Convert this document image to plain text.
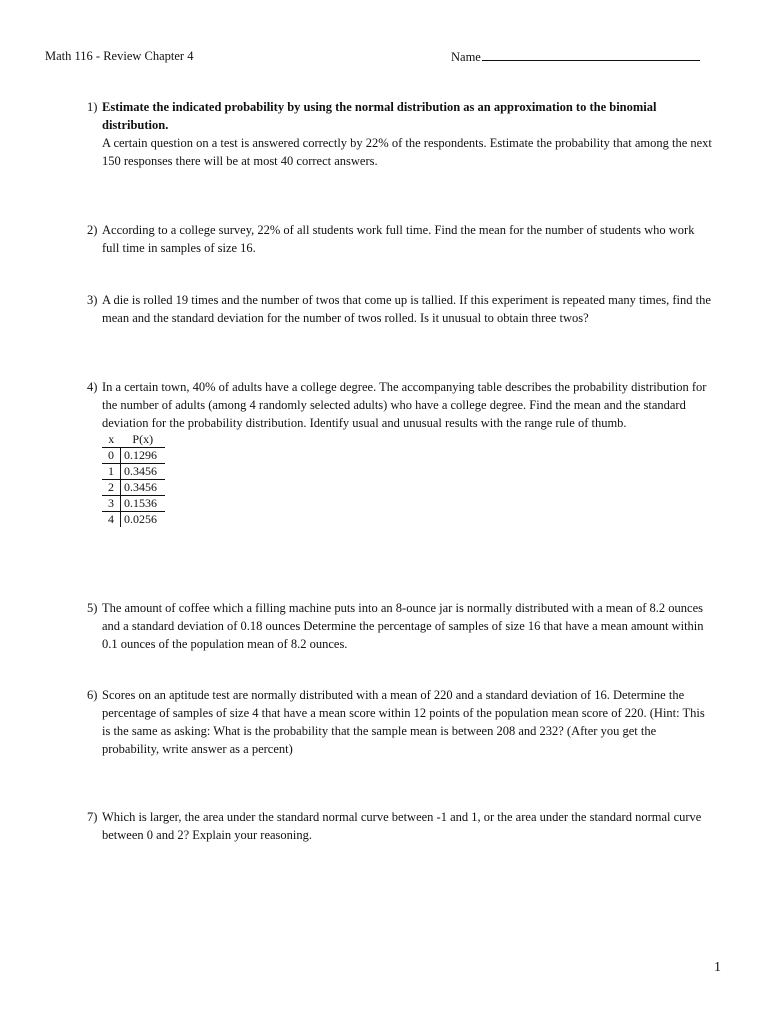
Math 116 - Review Chapter 4	Name
1) Estimate the indicated probability by using the normal distribution as an approximation to the binomial distribution.
A certain question on a test is answered correctly by 22% of the respondents. Estimate the probability that among the next 150 responses there will be at most 40 correct answers.
2) According to a college survey, 22% of all students work full time. Find the mean for the number of students who work full time in samples of size 16.
3) A die is rolled 19 times and the number of twos that come up is tallied. If this experiment is repeated many times, find the mean and the standard deviation for the number of twos rolled. Is it unusual to obtain three twos?
4) In a certain town, 40% of adults have a college degree. The accompanying table describes the probability distribution for the number of adults (among 4 randomly selected adults) who have a college degree. Find the mean and the standard deviation for the probability distribution. Identify usual and unusual results with the range rule of thumb.
x	P(x)
0	0.1296
1	0.3456
2	0.3456
3	0.1536
4	0.0256
5) The amount of coffee which a filling machine puts into an 8-ounce jar is normally distributed with a mean of 8.2 ounces and a standard deviation of 0.18 ounces Determine the percentage of samples of size 16 that have a mean amount within 0.1 ounces of the population mean of 8.2 ounces.
6) Scores on an aptitude test are normally distributed with a mean of 220 and a standard deviation of 16. Determine the percentage of samples of size 4 that have a mean score within 12 points of the population mean score of 220. (Hint: This is the same as asking: What is the probability that the sample mean is between 208 and 232? (After you get the probability, write answer as a percent)
7) Which is larger, the area under the standard normal curve between -1 and 1, or the area under the standard normal curve between 0 and 2? Explain your reasoning.
1
